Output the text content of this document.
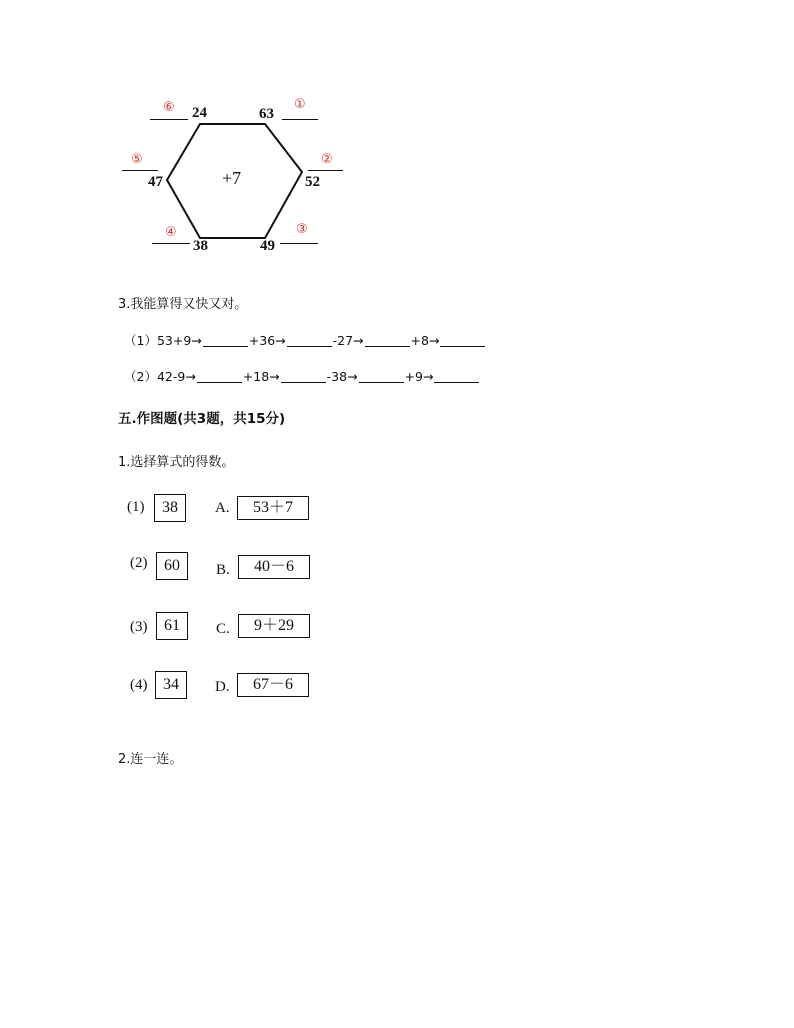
+7
24	63
52
49
38
47
⑥	①
②
③
④
⑤
3.我能算得又快又对。
（1）53+9→	+36→	-27→	+8→
（2）42-9→	+18→	-38→	+9→
五.作图题(共3题，共15分)
1.选择算式的得数。
(1)	38	A.	53＋7
(2)	60	B.	40－6
(3)	61	C.	9＋29
(4) 34	D.	67－6
2.连一连。
